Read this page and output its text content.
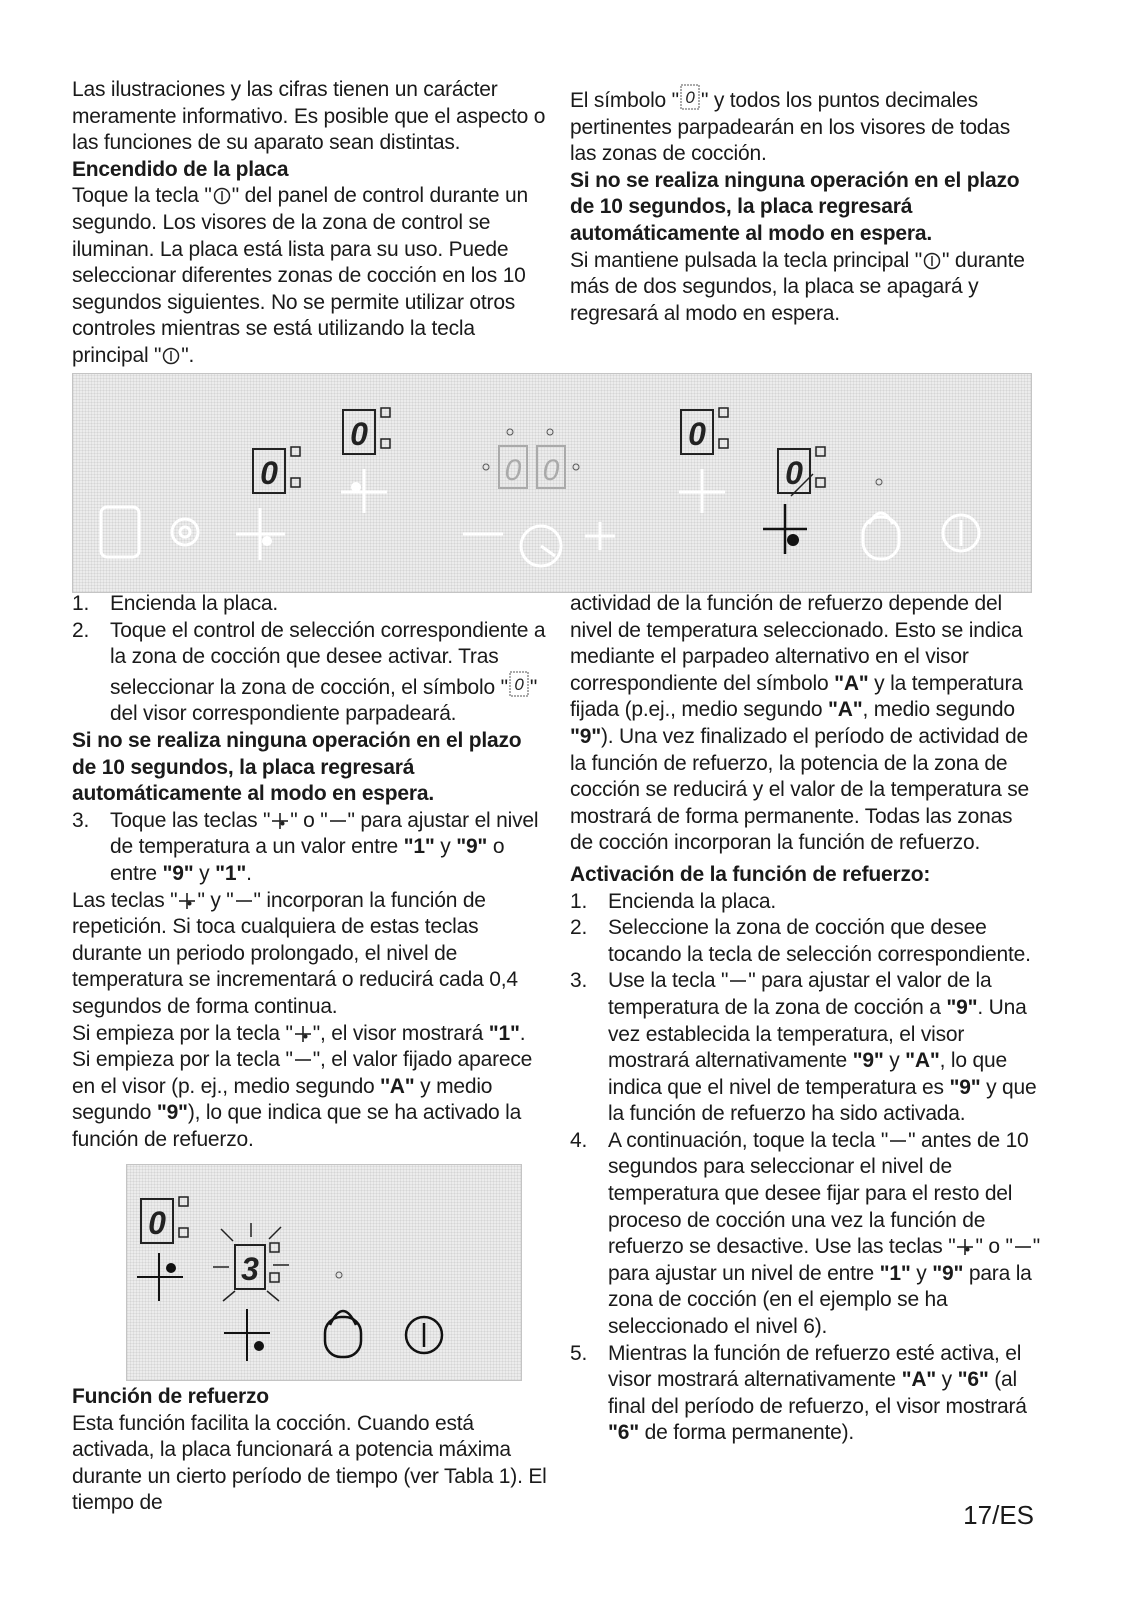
Las ilustraciones y las cifras tienen un carácter meramente informativo. Es posible que el aspecto o las funciones de su aparato sean distintas.

Encendido de la placa

Toque la tecla " " del panel de control durante un segundo. Los visores de la zona de control se iluminan. La placa está lista para su uso. Puede seleccionar diferentes zonas de cocción en los 10 segundos siguientes. No se permite utilizar otros controles mientras se está utilizando la tecla principal " ".

El símbolo " 0 " y todos los puntos decimales pertinentes parpadearán en los visores de todas las zonas de cocción.

Si no se realiza ninguna operación en el plazo de 10 segundos, la placa regresará automáticamente al modo en espera.

Si mantiene pulsada la tecla principal " " durante más de dos segundos, la placa se apagará y regresará al modo en espera.

0
0
0 0
0
0
1. Encienda la placa.
2. Toque el control de selección correspondiente a la zona de cocción que desee activar. Tras seleccionar la zona de cocción, el símbolo " 0 " del visor correspondiente parpadeará.

Si no se realiza ninguna operación en el plazo de 10 segundos, la placa regresará automáticamente al modo en espera.

3. Toque las teclas " " o " " para ajustar el nivel de temperatura a un valor entre "1" y "9" o entre "9" y "1".

Las teclas " " y " " incorporan la función de repetición. Si toca cualquiera de estas teclas durante un periodo prolongado, el nivel de temperatura se incrementará o reducirá cada 0,4 segundos de forma continua.

Si empieza por la tecla " ", el visor mostrará "1". Si empieza por la tecla " ", el valor fijado aparece en el visor (p. ej., medio segundo ''A" y medio segundo "9"), lo que indica que se ha activado la función de refuerzo.

0
3

Función de refuerzo

Esta función facilita la cocción. Cuando está activada, la placa funcionará a potencia máxima durante un cierto período de tiempo (ver Tabla 1). El tiempo de

actividad de la función de refuerzo depende del nivel de temperatura seleccionado. Esto se indica mediante el parpadeo alternativo en el visor correspondiente del símbolo "A" y la temperatura fijada (p.ej., medio segundo "A", medio segundo "9"). Una vez finalizado el período de actividad de la función de refuerzo, la potencia de la zona de cocción se reducirá y el valor de la temperatura se mostrará de forma permanente. Todas las zonas de cocción incorporan la función de refuerzo.

Activación de la función de refuerzo:

1. Encienda la placa.
2. Seleccione la zona de cocción que desee tocando la tecla de selección correspondiente.
3. Use la tecla " " para ajustar el valor de la temperatura de la zona de cocción a "9". Una vez establecida la temperatura, el visor mostrará alternativamente "9" y "A", lo que indica que el nivel de temperatura es "9" y que la función de refuerzo ha sido activada.
4. A continuación, toque la tecla " " antes de 10 segundos para seleccionar el nivel de temperatura que desee fijar para el resto del proceso de cocción una vez la función de refuerzo se desactive. Use las teclas " " o " " para ajustar un nivel de entre "1" y "9" para la zona de cocción (en el ejemplo se ha seleccionado el nivel 6).
5. Mientras la función de refuerzo esté activa, el visor mostrará alternativamente "A" y "6" (al final del período de refuerzo, el visor mostrará "6" de forma permanente).
17/ES
